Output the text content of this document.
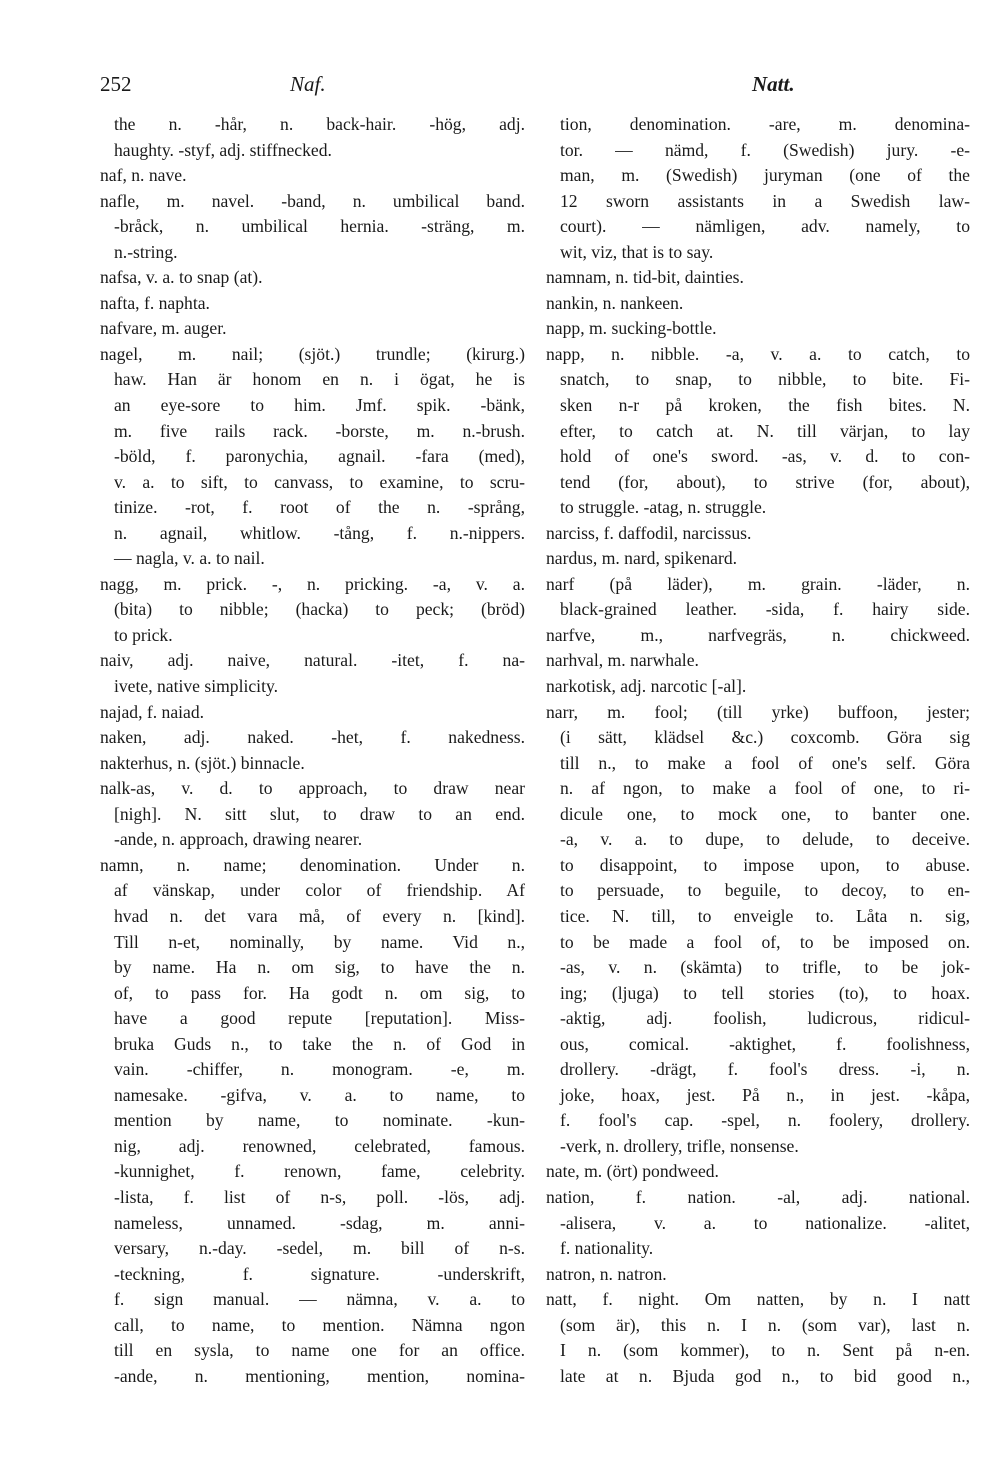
252	Naf.	Natt.
the n. -hår, n. back-hair. -hög, adj.
haughty. -styf, adj. stiffnecked.
naf, n. nave.
nafle, m. navel. -band, n. umbilical band.
-bråck, n. umbilical hernia. -sträng, m.
n.-string.
nafsa, v. a. to snap (at).
nafta, f. naphta.
nafvare, m. auger.
nagel, m. nail; (sjöt.) trundle; (kirurg.)
haw. Han är honom en n. i ögat, he is
an eye-sore to him. Jmf. spik. -bänk,
m. five rails rack. -borste, m. n.-brush.
-böld, f. paronychia, agnail. -fara (med),
v. a. to sift, to canvass, to examine, to scru-
tinize. -rot, f. root of the n. -språng,
n. agnail, whitlow. -tång, f. n.-nippers.
— nagla, v. a. to nail.
nagg, m. prick. -, n. pricking. -a, v. a.
(bita) to nibble; (hacka) to peck; (bröd)
to prick.
naiv, adj. naive, natural. -itet, f. na-
ivete, native simplicity.
najad, f. naiad.
naken, adj. naked. -het, f. nakedness.
nakterhus, n. (sjöt.) binnacle.
nalk-as, v. d. to approach, to draw near
[nigh]. N. sitt slut, to draw to an end.
-ande, n. approach, drawing nearer.
namn, n. name; denomination. Under n.
af vänskap, under color of friendship. Af
hvad n. det vara må, of every n. [kind].
Till n-et, nominally, by name. Vid n.,
by name. Ha n. om sig, to have the n.
of, to pass for. Ha godt n. om sig, to
have a good repute [reputation]. Miss-
bruka Guds n., to take the n. of God in
vain. -chiffer, n. monogram. -e, m.
namesake. -gifva, v. a. to name, to
mention by name, to nominate. -kun-
nig, adj. renowned, celebrated, famous.
-kunnighet, f. renown, fame, celebrity.
-lista, f. list of n-s, poll. -lös, adj.
nameless, unnamed. -sdag, m. anni-
versary, n.-day. -sedel, m. bill of n-s.
-teckning, f. signature. -underskrift,
f. sign manual. — nämna, v. a. to
call, to name, to mention. Nämna ngon
till en sysla, to name one for an office.
-ande, n. mentioning, mention, nomina-
tion, denomination. -are, m. denomina-
tor. — nämd, f. (Swedish) jury. -e-
man, m. (Swedish) juryman (one of the
12 sworn assistants in a Swedish law-
court). — nämligen, adv. namely, to
wit, viz, that is to say.
namnam, n. tid-bit, dainties.
nankin, n. nankeen.
napp, m. sucking-bottle.
napp, n. nibble. -a, v. a. to catch, to
snatch, to snap, to nibble, to bite. Fi-
sken n-r på kroken, the fish bites. N.
efter, to catch at. N. till värjan, to lay
hold of one's sword. -as, v. d. to con-
tend (for, about), to strive (for, about),
to struggle. -atag, n. struggle.
narciss, f. daffodil, narcissus.
nardus, m. nard, spikenard.
narf (på läder), m. grain. -läder, n.
black-grained leather. -sida, f. hairy side.
narfve, m., narfvegräs, n. chickweed.
narhval, m. narwhale.
narkotisk, adj. narcotic [-al].
narr, m. fool; (till yrke) buffoon, jester;
(i sätt, klädsel &c.) coxcomb. Göra sig
till n., to make a fool of one's self. Göra
n. af ngon, to make a fool of one, to ri-
dicule one, to mock one, to banter one.
-a, v. a. to dupe, to delude, to deceive.
to disappoint, to impose upon, to abuse.
to persuade, to beguile, to decoy, to en-
tice. N. till, to enveigle to. Låta n. sig,
to be made a fool of, to be imposed on.
-as, v. n. (skämta) to trifle, to be jok-
ing; (ljuga) to tell stories (to), to hoax.
-aktig, adj. foolish, ludicrous, ridicul-
ous, comical. -aktighet, f. foolishness,
drollery. -drägt, f. fool's dress. -i, n.
joke, hoax, jest. På n., in jest. -kåpa,
f. fool's cap. -spel, n. foolery, drollery.
-verk, n. drollery, trifle, nonsense.
nate, m. (ört) pondweed.
nation, f. nation. -al, adj. national.
-alisera, v. a. to nationalize. -alitet,
f. nationality.
natron, n. natron.
natt, f. night. Om natten, by n. I natt
(som är), this n. I n. (som var), last n.
I n. (som kommer), to n. Sent på n-en.
late at n. Bjuda god n., to bid good n.,
